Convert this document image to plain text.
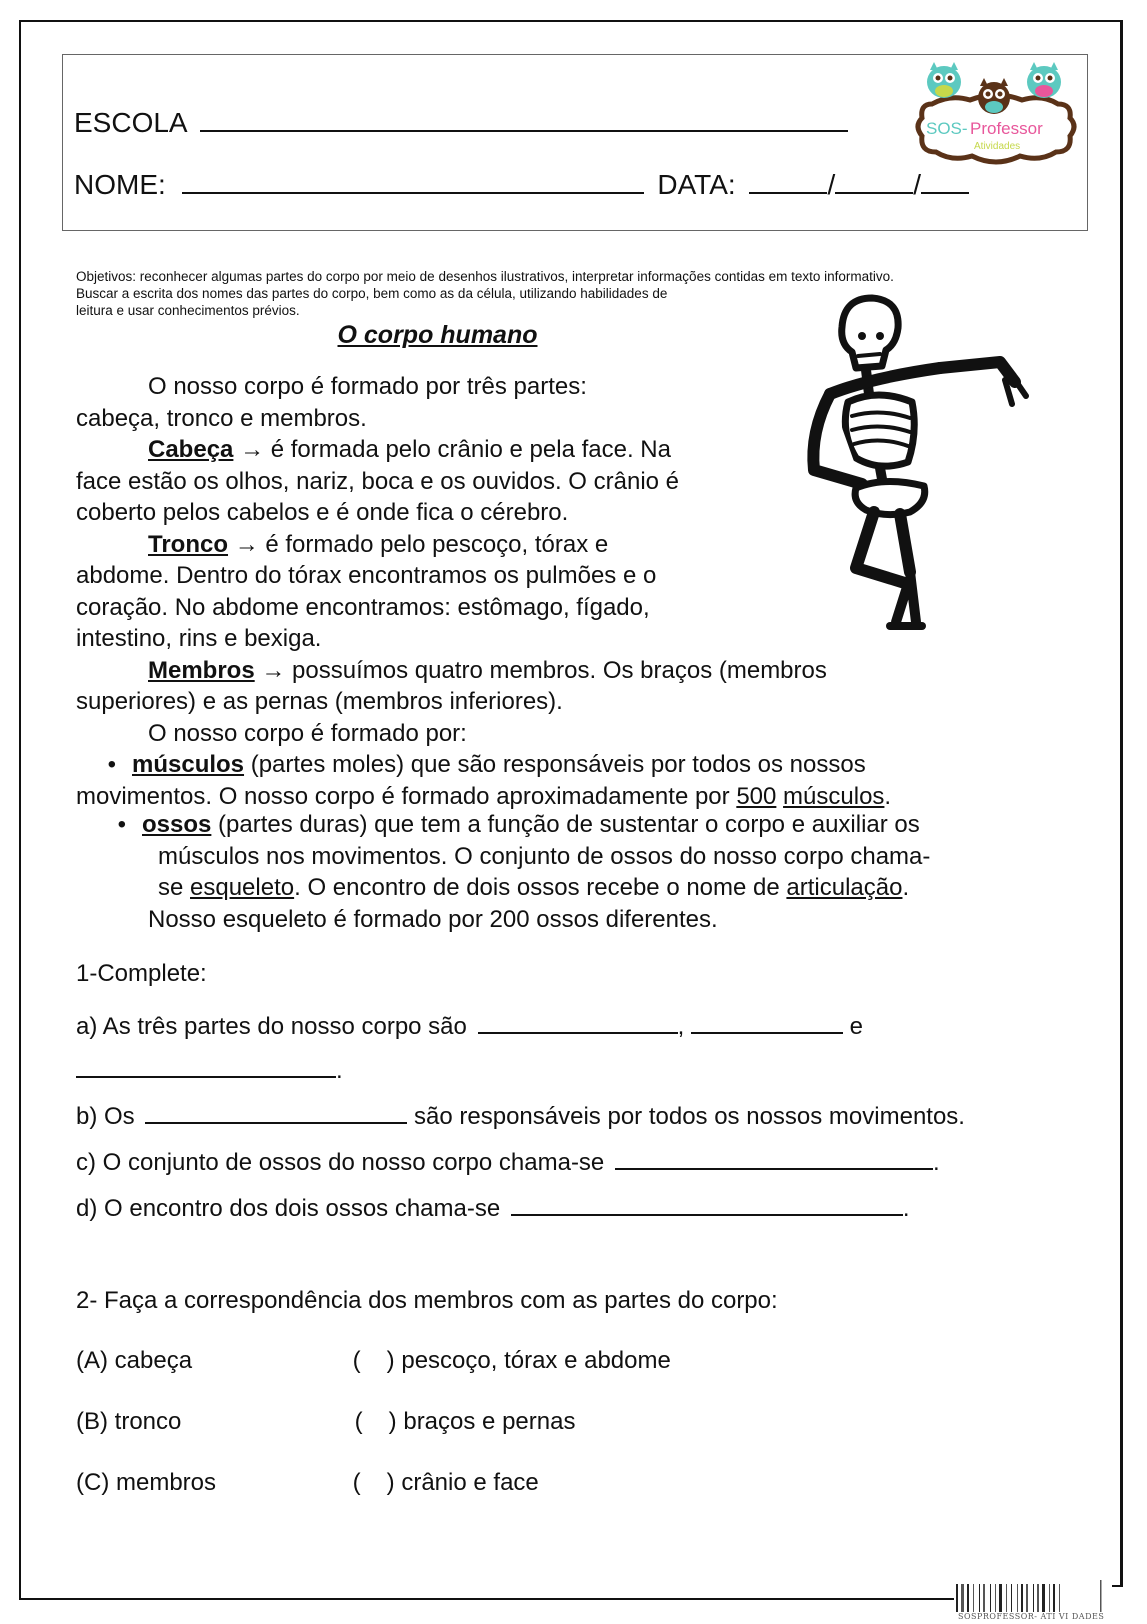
ESCOLA
NOME:	DATA:	/	/
SOS- Professor
Atividades
Objetivos: reconhecer algumas partes do corpo por meio de desenhos ilustrativos, interpretar informações contidas em texto informativo.
Buscar a escrita dos nomes das partes do corpo, bem como as da célula, utilizando habilidades de
leitura e usar conhecimentos prévios.
O corpo humano
O nosso corpo é formado por três partes:
cabeça, tronco e membros.
Cabeça → é formada pelo crânio e pela face. Na
face estão os olhos, nariz, boca e os ouvidos. O crânio é
coberto pelos cabelos e é onde fica o cérebro.
Tronco → é formado pelo pescoço, tórax e
abdome. Dentro do tórax encontramos os pulmões e o
coração. No abdome encontramos: estômago, fígado,
intestino, rins e bexiga.
Membros → possuímos quatro membros. Os braços (membros
superiores) e as pernas (membros inferiores).
O nosso corpo é formado por:
• músculos (partes moles) que são responsáveis por todos os nossos
movimentos. O nosso corpo é formado aproximadamente por 500 músculos.
• ossos (partes duras) que tem a função de sustentar o corpo e auxiliar os
músculos nos movimentos. O conjunto de ossos do nosso corpo chama-
se esqueleto. O encontro de dois ossos recebe o nome de articulação.
Nosso esqueleto é formado por 200 ossos diferentes.
1-Complete:
a) As três partes do nosso corpo são	,	e
.
b) Os	são responsáveis por todos os nossos movimentos.
c) O conjunto de ossos do nosso corpo chama-se	.
d) O encontro dos dois ossos chama-se	.
2- Faça a correspondência dos membros com as partes do corpo:
(A) cabeça	( ) pescoço, tórax e abdome
(B) tronco	( ) braços e pernas
(C) membros	( ) crânio e face
SOSPROFESSOR- ATI VI DADES
